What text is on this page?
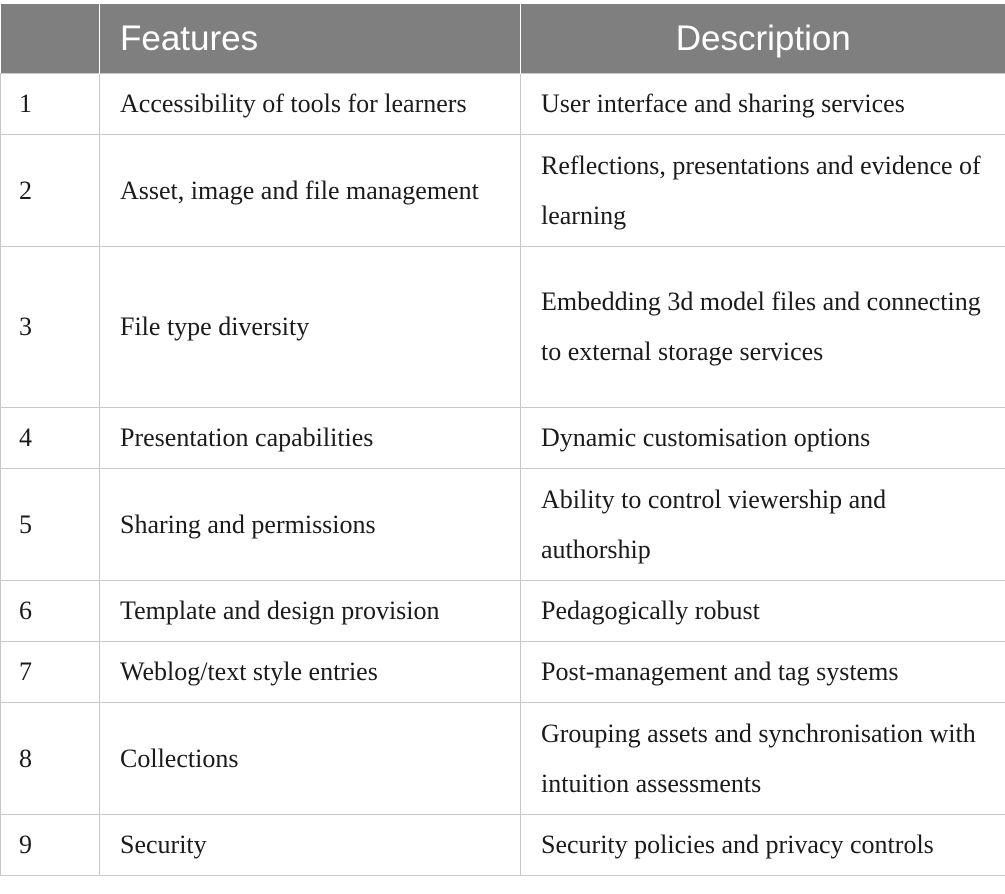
	Features	Description
1	Accessibility of tools for learners	User interface and sharing services
2	Asset, image and file management	Reflections, presentations and evidence of learning
3	File type diversity	Embedding 3d model files and connecting to external storage services
4	Presentation capabilities	Dynamic customisation options
5	Sharing and permissions	Ability to control viewership and authorship
6	Template and design provision	Pedagogically robust
7	Weblog/text style entries	Post-management and tag systems
8	Collections	Grouping assets and synchronisation with intuition assessments
9	Security	Security policies and privacy controls
